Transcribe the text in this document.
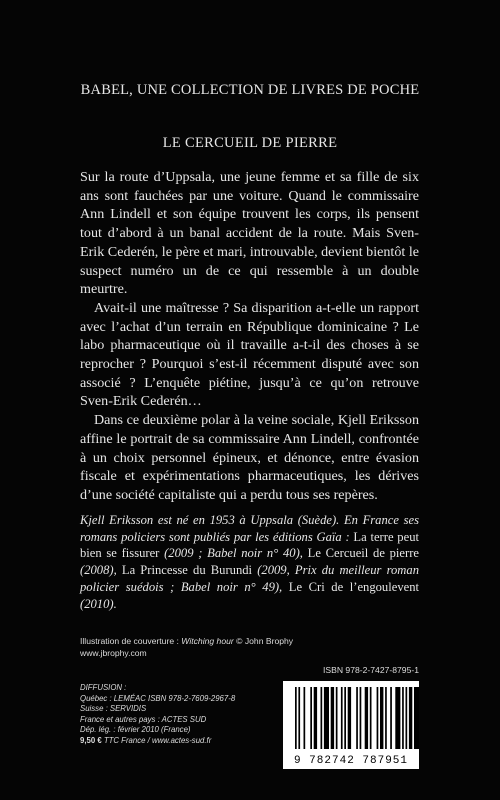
BABEL, UNE COLLECTION DE LIVRES DE POCHE
LE CERCUEIL DE PIERRE

Sur la route d’Uppsala, une jeune femme et sa fille de six ans sont fauchées par une voiture. Quand le commissaire Ann Lindell et son équipe trouvent les corps, ils pensent tout d’abord à un banal accident de la route. Mais Sven-Erik Cederén, le père et mari, introuvable, devient bientôt le suspect numéro un de ce qui ressemble à un double meurtre.

Avait-il une maîtresse ? Sa disparition a-t-elle un rapport avec l’achat d’un terrain en République dominicaine ? Le labo pharmaceutique où il travaille a-t-il des choses à se reprocher ? Pourquoi s’est-il récemment disputé avec son associé ? L’enquête piétine, jusqu’à ce qu’on retrouve Sven-Erik Cederén…

Dans ce deuxième polar à la veine sociale, Kjell Eriksson affine le portrait de sa commissaire Ann Lindell, confrontée à un choix personnel épineux, et dénonce, entre évasion fiscale et expérimentations pharmaceutiques, les dérives d’une société capitaliste qui a perdu tous ses repères.

Kjell Eriksson est né en 1953 à Uppsala (Suède). En France ses romans policiers sont publiés par les éditions Gaïa : La terre peut bien se fissurer (2009 ; Babel noir n° 40), Le Cercueil de pierre (2008), La Princesse du Burundi (2009, Prix du meilleur roman policier suédois ; Babel noir n° 49), Le Cri de l’engoulevent (2010).

Illustration de couverture : Witching hour © John Brophy
www.jbrophy.com
ISBN 978-2-7427-8795-1
DIFFUSION :
Québec : LEMÉAC ISBN 978-2-7609-2967-8
Suisse : SERVIDIS
France et autres pays : ACTES SUD
Dép. lég. : février 2010 (France)
9,50 € TTC France / www.actes-sud.fr
9 782742 787951
